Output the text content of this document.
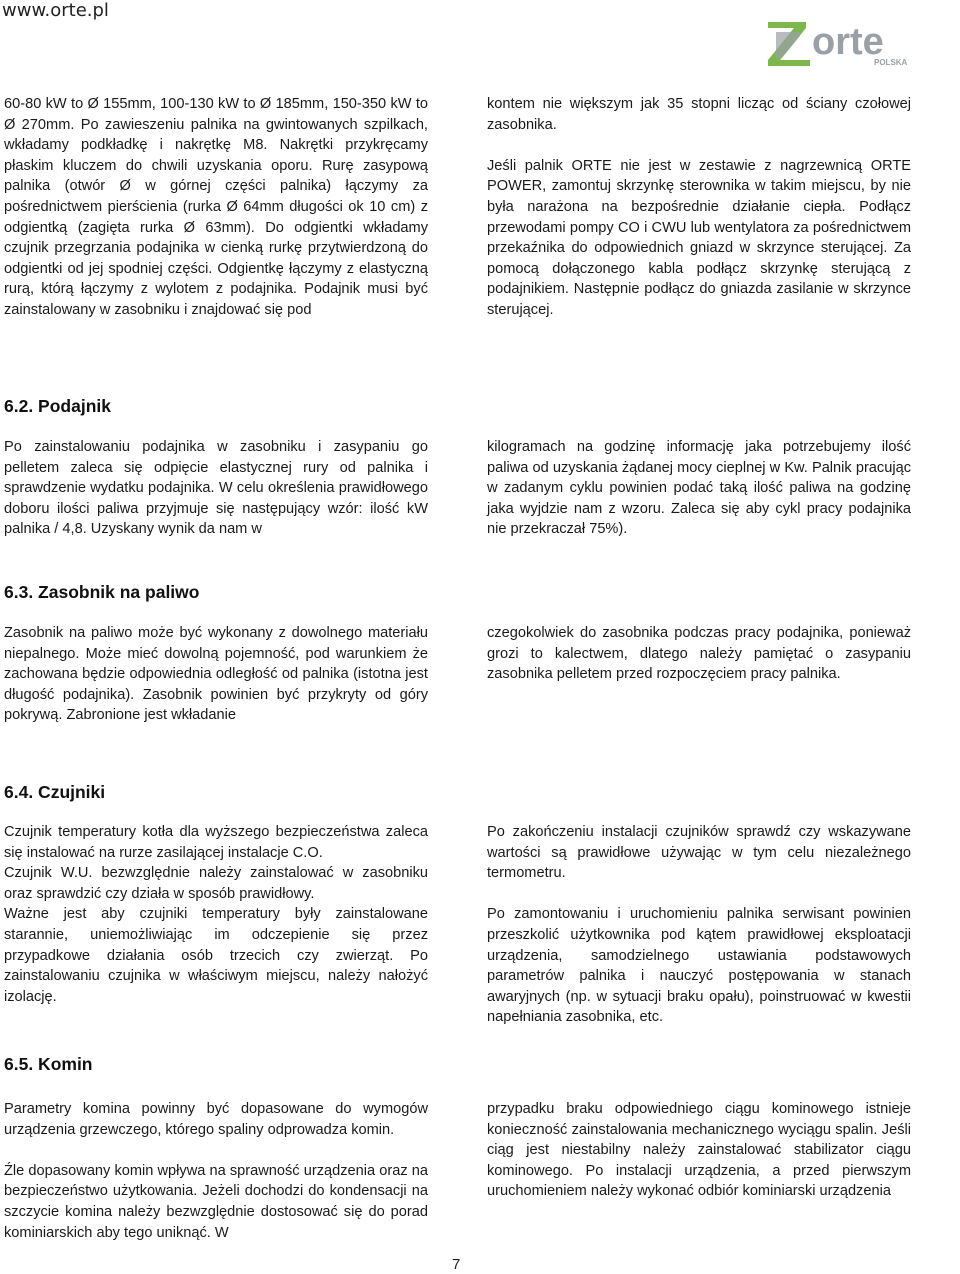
www.orte.pl
orte
POLSKA

60-80 kW to Ø 155mm, 100-130 kW to Ø 185mm, 150-350 kW to Ø 270mm. Po zawieszeniu palnika na gwintowanych szpilkach, wkładamy podkładkę i nakrętkę M8. Nakrętki przykręcamy płaskim kluczem do chwili uzyskania oporu. Rurę zasypową palnika (otwór Ø w górnej części palnika) łączymy za pośrednictwem pierścienia (rurka Ø 64mm długości ok 10 cm) z odgientką (zagięta rurka Ø 63mm). Do odgientki wkładamy czujnik przegrzania podajnika w cienką rurkę przytwierdzoną do odgientki od jej spodniej części. Odgientkę łączymy z elastyczną rurą, którą łączymy z wylotem z podajnika. Podajnik musi być zainstalowany w zasobniku i znajdować się pod

kontem nie większym jak 35 stopni licząc od ściany czołowej zasobnika.

Jeśli palnik ORTE nie jest w zestawie z nagrzewnicą ORTE POWER, zamontuj skrzynkę sterownika w takim miejscu, by nie była narażona na bezpośrednie działanie ciepła. Podłącz przewodami pompy CO i CWU lub wentylatora za pośrednictwem przekaźnika do odpowiednich gniazd w skrzynce sterującej. Za pomocą dołączonego kabla podłącz skrzynkę sterującą z podajnikiem. Następnie podłącz do gniazda zasilanie w skrzynce sterującej.

6.2. Podajnik

Po zainstalowaniu podajnika w zasobniku i zasypaniu go pelletem zaleca się odpięcie elastycznej rury od palnika i sprawdzenie wydatku podajnika. W celu określenia prawidłowego doboru ilości paliwa przyjmuje się następujący wzór: ilość kW palnika / 4,8. Uzyskany wynik da nam w

kilogramach na godzinę informację jaka potrzebujemy ilość paliwa od uzyskania żądanej mocy cieplnej w Kw. Palnik pracując w zadanym cyklu powinien podać taką ilość paliwa na godzinę jaka wyjdzie nam z wzoru. Zaleca się aby cykl pracy podajnika nie przekraczał 75%).

6.3. Zasobnik na paliwo

Zasobnik na paliwo może być wykonany z dowolnego materiału niepalnego. Może mieć dowolną pojemność, pod warunkiem że zachowana będzie odpowiednia odległość od palnika (istotna jest długość podajnika). Zasobnik powinien być przykryty od góry pokrywą. Zabronione jest wkładanie

czegokolwiek do zasobnika podczas pracy podajnika, ponieważ grozi to kalectwem, dlatego należy pamiętać o zasypaniu zasobnika pelletem przed rozpoczęciem pracy palnika.

6.4. Czujniki

Czujnik temperatury kotła dla wyższego bezpieczeństwa zaleca się instalować na rurze zasilającej instalacje C.O.

Czujnik W.U. bezwzględnie należy zainstalować w zasobniku oraz sprawdzić czy działa w sposób prawidłowy.

Ważne jest aby czujniki temperatury były zainstalowane starannie, uniemożliwiając im odczepienie się przez przypadkowe działania osób trzecich czy zwierząt. Po zainstalowaniu czujnika w właściwym miejscu, należy nałożyć izolację.

Po zakończeniu instalacji czujników sprawdź czy wskazywane wartości są prawidłowe używając w tym celu niezależnego termometru.

Po zamontowaniu i uruchomieniu palnika serwisant powinien przeszkolić użytkownika pod kątem prawidłowej eksploatacji urządzenia, samodzielnego ustawiania podstawowych parametrów palnika i nauczyć postępowania w stanach awaryjnych (np. w sytuacji braku opału), poinstruować w kwestii napełniania zasobnika, etc.

6.5. Komin

Parametry komina powinny być dopasowane do wymogów urządzenia grzewczego, którego spaliny odprowadza komin.

Źle dopasowany komin wpływa na sprawność urządzenia oraz na bezpieczeństwo użytkowania. Jeżeli dochodzi do kondensacji na szczycie komina należy bezwzględnie dostosować się do porad kominiarskich aby tego uniknąć. W

przypadku braku odpowiedniego ciągu kominowego istnieje konieczność zainstalowania mechanicznego wyciągu spalin. Jeśli ciąg jest niestabilny należy zainstalować stabilizator ciągu kominowego. Po instalacji urządzenia, a przed pierwszym uruchomieniem należy wykonać odbiór kominiarski urządzenia

7
